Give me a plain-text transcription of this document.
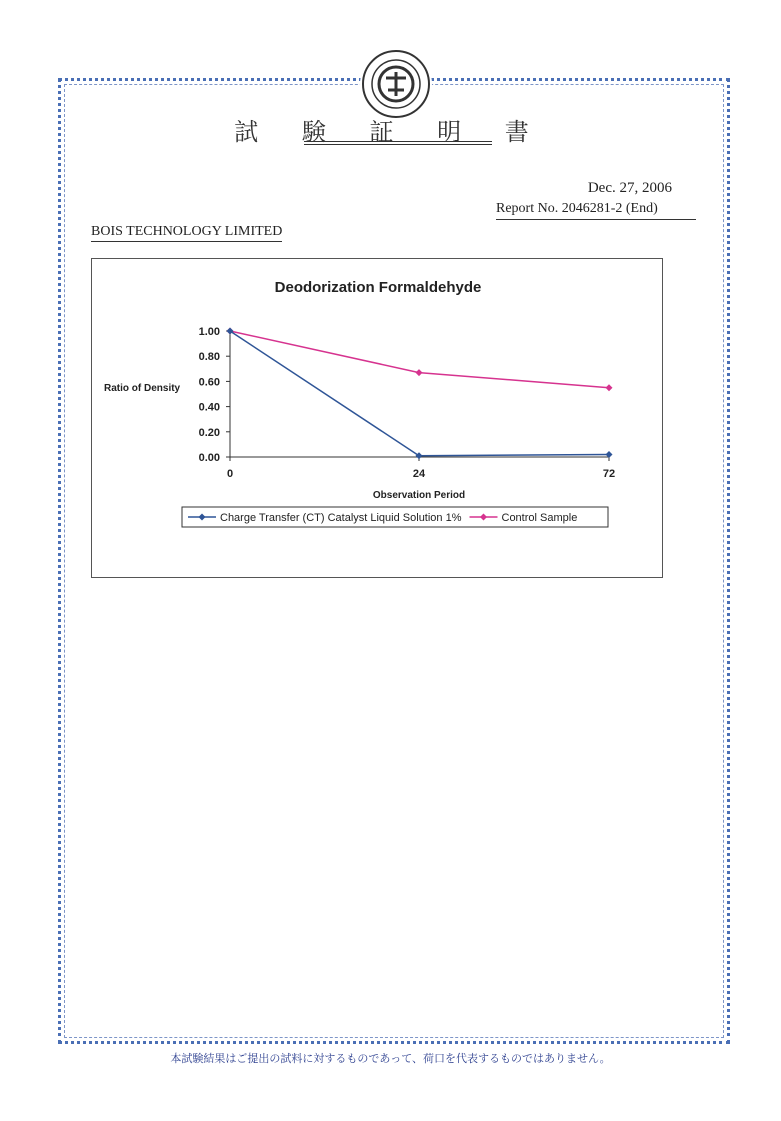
試 験 証 明 書
Dec. 27, 2006
Report No. 2046281-2 (End)
BOIS TECHNOLOGY LIMITED
Deodorization Formaldehyde
1.00
0.80
0.60
0.40
0.20
0.00
0	24	72
Ratio of Density
Observation Period
Charge Transfer (CT) Catalyst Liquid Solution 1%	Control Sample
本試験結果はご提出の試料に対するものであって、荷口を代表するものではありません。
